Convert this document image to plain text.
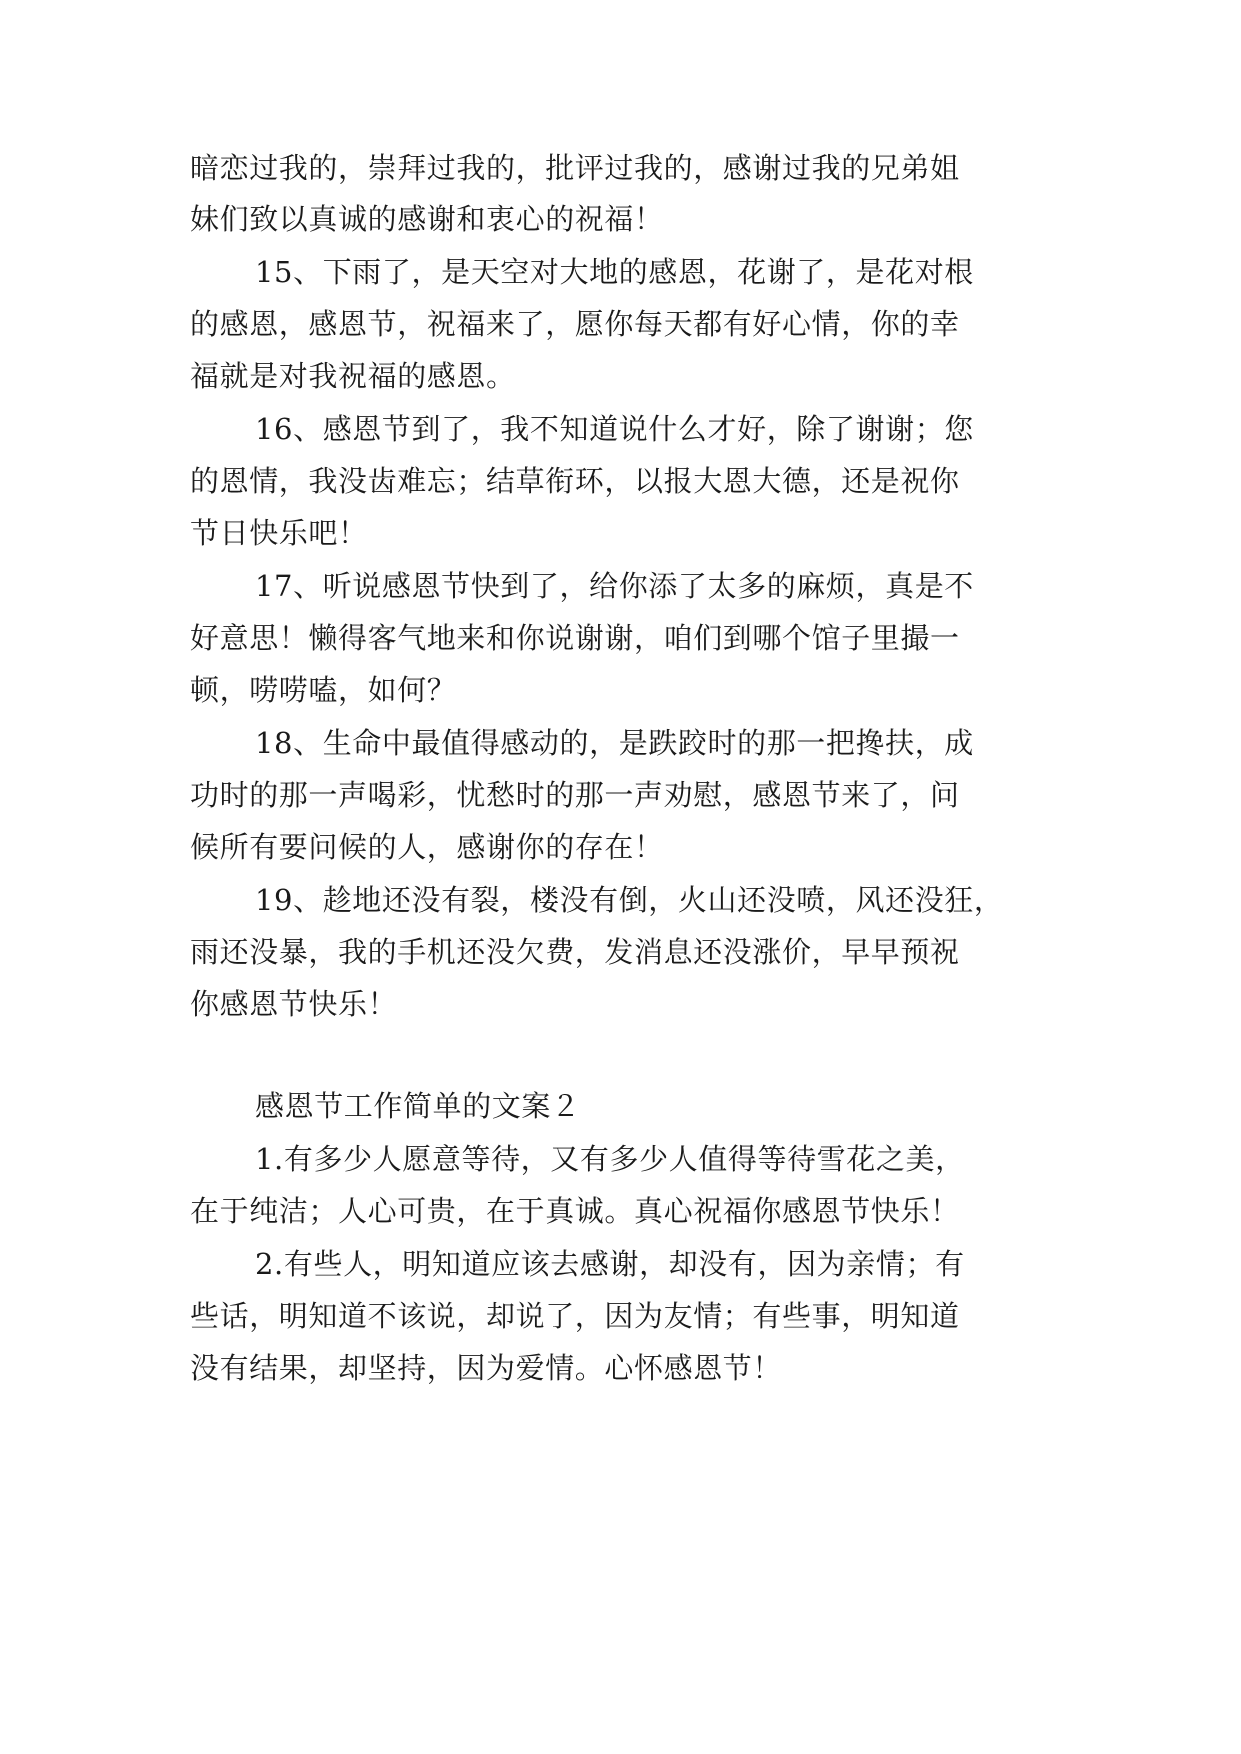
暗恋过我的，崇拜过我的，批评过我的，感谢过我的兄弟姐

妹们致以真诚的感谢和衷心的祝福！

15、下雨了，是天空对大地的感恩，花谢了，是花对根

的感恩，感恩节，祝福来了，愿你每天都有好心情，你的幸

福就是对我祝福的感恩。

16、感恩节到了，我不知道说什么才好，除了谢谢；您

的恩情，我没齿难忘；结草衔环，以报大恩大德，还是祝你

节日快乐吧！

17、听说感恩节快到了，给你添了太多的麻烦，真是不

好意思！懒得客气地来和你说谢谢，咱们到哪个馆子里撮一

顿，唠唠嗑，如何？

18、生命中最值得感动的，是跌跤时的那一把搀扶，成

功时的那一声喝彩，忧愁时的那一声劝慰，感恩节来了，问

候所有要问候的人，感谢你的存在！

19、趁地还没有裂，楼没有倒，火山还没喷，风还没狂，

雨还没暴，我的手机还没欠费，发消息还没涨价，早早预祝

你感恩节快乐！

感恩节工作简单的文案２

1.有多少人愿意等待，又有多少人值得等待雪花之美，

在于纯洁；人心可贵，在于真诚。真心祝福你感恩节快乐！

2.有些人，明知道应该去感谢，却没有，因为亲情；有

些话，明知道不该说，却说了，因为友情；有些事，明知道

没有结果，却坚持，因为爱情。心怀感恩节！
